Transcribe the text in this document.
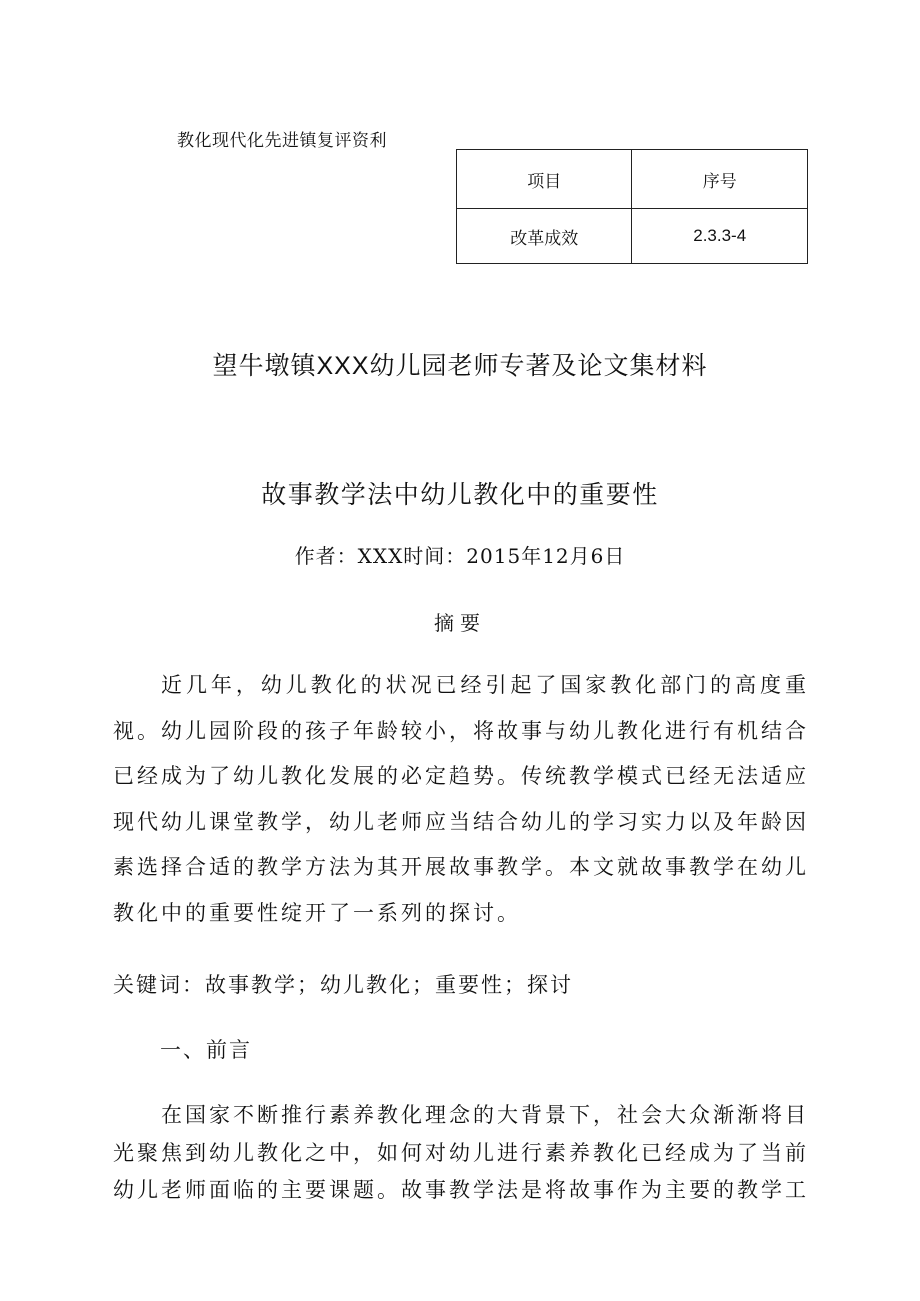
教化现代化先进镇复评资利
项目	序号
改革成效	2.3.3-4
望牛墩镇XXX幼儿园老师专著及论文集材料
故事教学法中幼儿教化中的重要性
作者：XXX时间：2015年12月6日
摘要
近几年，幼儿教化的状况已经引起了国家教化部门的高度重视。幼儿园阶段的孩子年龄较小，将故事与幼儿教化进行有机结合已经成为了幼儿教化发展的必定趋势。传统教学模式已经无法适应现代幼儿课堂教学，幼儿老师应当结合幼儿的学习实力以及年龄因素选择合适的教学方法为其开展故事教学。本文就故事教学在幼儿教化中的重要性绽开了一系列的探讨。
关键词：故事教学；幼儿教化；重要性；探讨
一、前言
在国家不断推行素养教化理念的大背景下，社会大众渐渐将目光聚焦到幼儿教化之中，如何对幼儿进行素养教化已经成为了当前幼儿老师面临的主要课题。故事教学法是将故事作为主要的教学工
